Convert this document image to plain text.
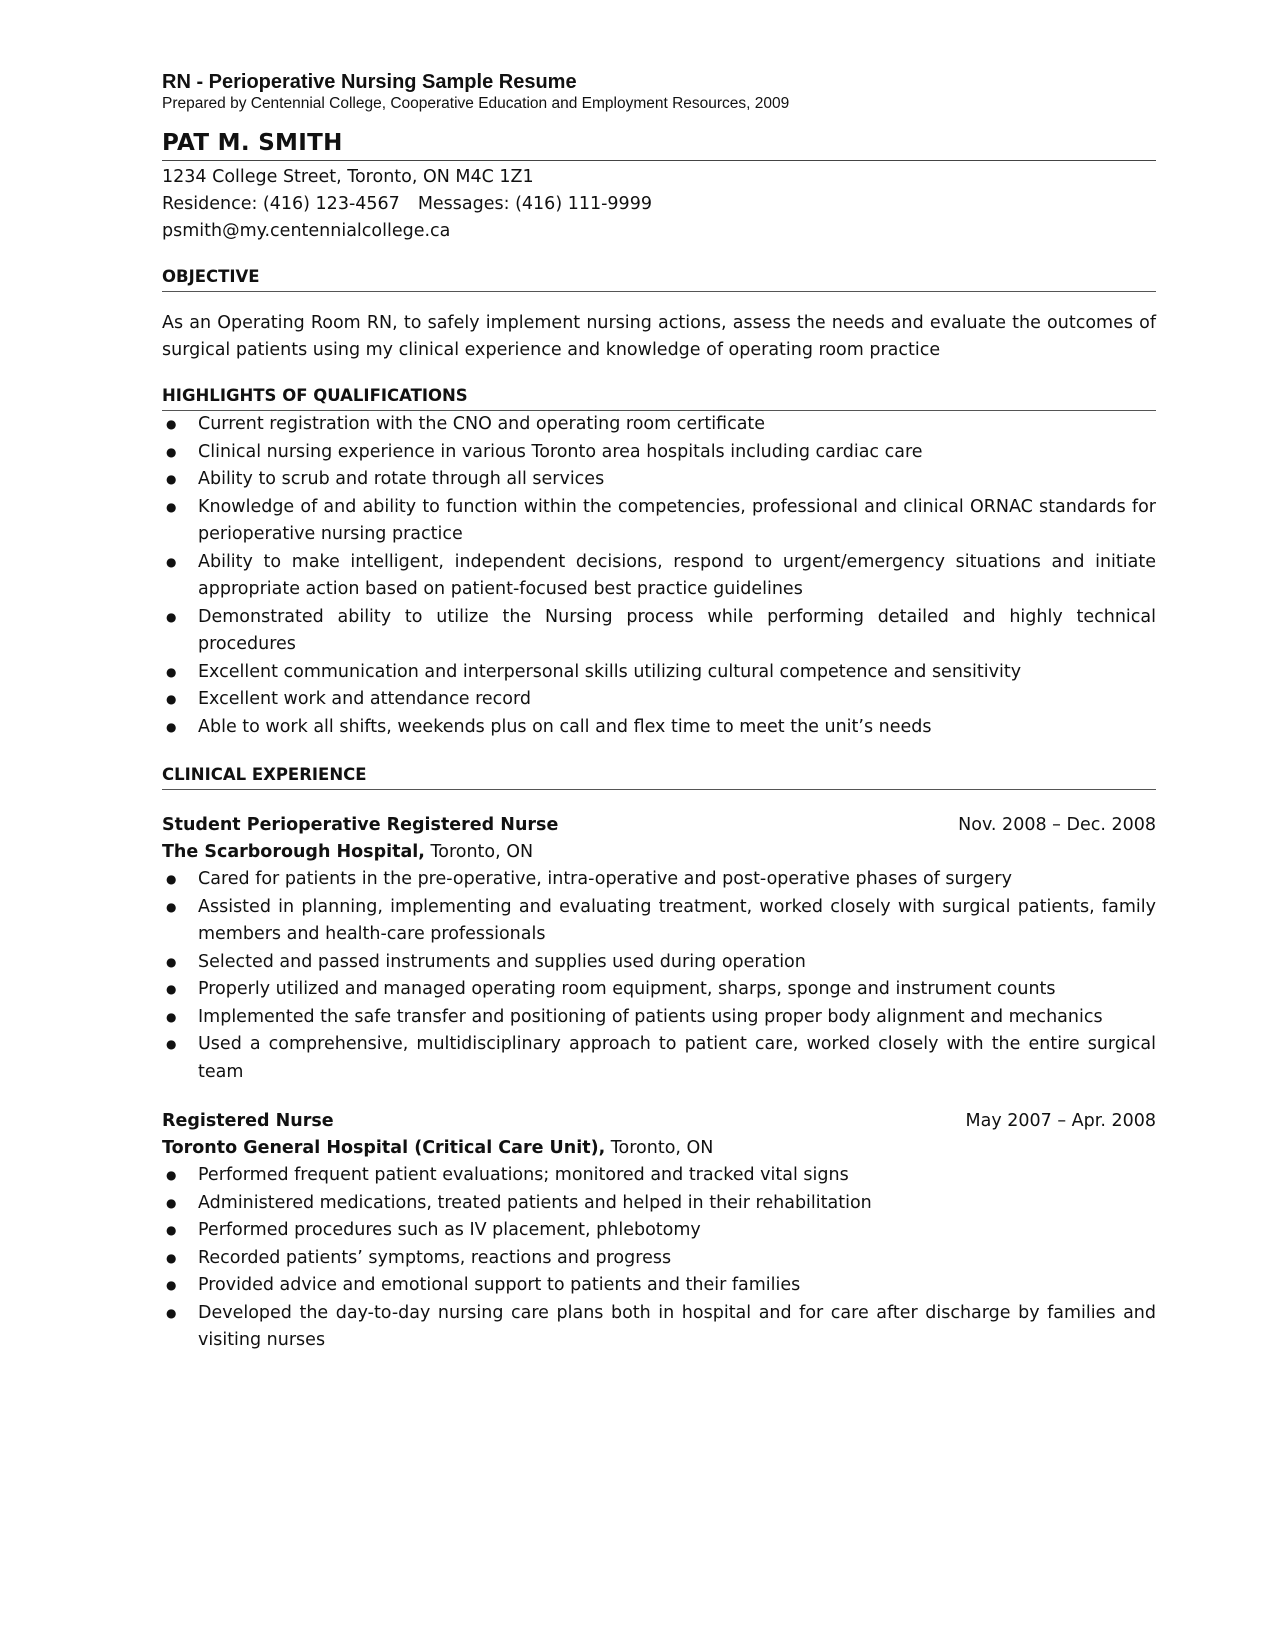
RN - Perioperative Nursing Sample Resume
Prepared by Centennial College, Cooperative Education and Employment Resources, 2009
PAT M. SMITH
1234 College Street, Toronto, ON M4C 1Z1
Residence: (416) 123-4567 Messages: (416) 111-9999
psmith@my.centennialcollege.ca
OBJECTIVE
As an Operating Room RN, to safely implement nursing actions, assess the needs and evaluate the outcomes of surgical patients using my clinical experience and knowledge of operating room practice
HIGHLIGHTS OF QUALIFICATIONS
● Current registration with the CNO and operating room certificate
● Clinical nursing experience in various Toronto area hospitals including cardiac care
● Ability to scrub and rotate through all services
● Knowledge of and ability to function within the competencies, professional and clinical ORNAC standards for perioperative nursing practice
● Ability to make intelligent, independent decisions, respond to urgent/emergency situations and initiate appropriate action based on patient-focused best practice guidelines
● Demonstrated ability to utilize the Nursing process while performing detailed and highly technical procedures
● Excellent communication and interpersonal skills utilizing cultural competence and sensitivity
● Excellent work and attendance record
● Able to work all shifts, weekends plus on call and flex time to meet the unit’s needs
CLINICAL EXPERIENCE
Student Perioperative Registered Nurse	Nov. 2008 – Dec. 2008
The Scarborough Hospital, Toronto, ON
● Cared for patients in the pre-operative, intra-operative and post-operative phases of surgery
● Assisted in planning, implementing and evaluating treatment, worked closely with surgical patients, family members and health-care professionals
● Selected and passed instruments and supplies used during operation
● Properly utilized and managed operating room equipment, sharps, sponge and instrument counts
● Implemented the safe transfer and positioning of patients using proper body alignment and mechanics
● Used a comprehensive, multidisciplinary approach to patient care, worked closely with the entire surgical team
Registered Nurse	May 2007 – Apr. 2008
Toronto General Hospital (Critical Care Unit), Toronto, ON
● Performed frequent patient evaluations; monitored and tracked vital signs
● Administered medications, treated patients and helped in their rehabilitation
● Performed procedures such as IV placement, phlebotomy
● Recorded patients’ symptoms, reactions and progress
● Provided advice and emotional support to patients and their families
● Developed the day-to-day nursing care plans both in hospital and for care after discharge by families and visiting nurses
